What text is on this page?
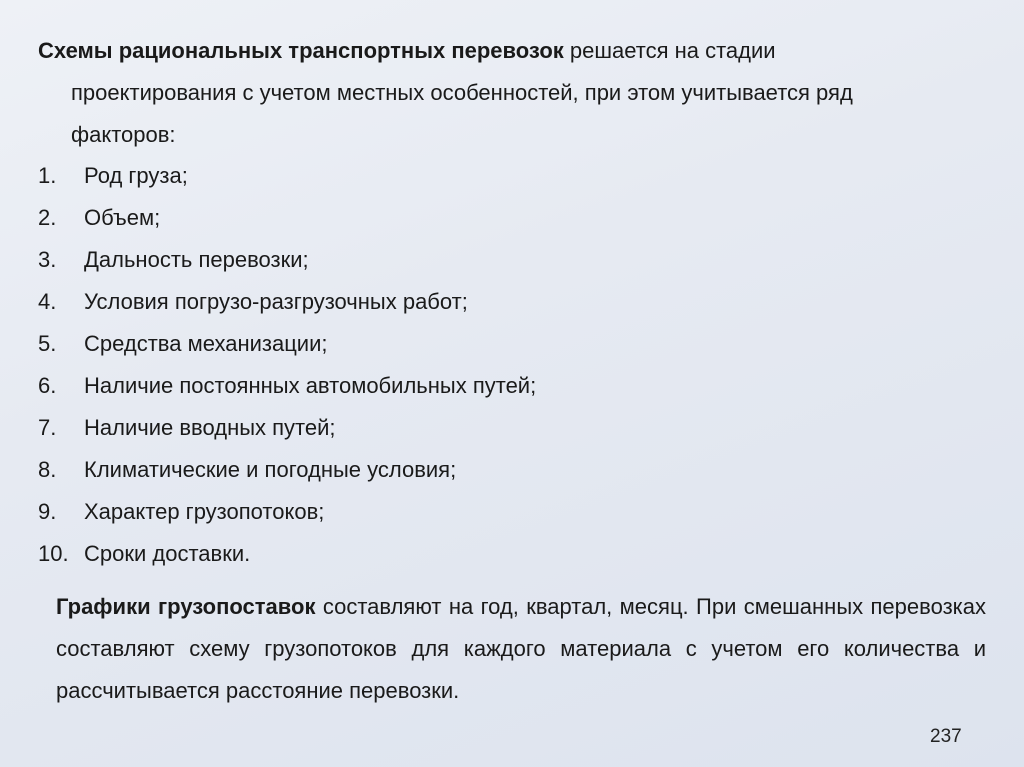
Схемы рациональных транспортных перевозок решается на стадии
проектирования с учетом местных особенностей, при этом учитывается ряд
факторов:
1.	Род груза;
2.	Объем;
3.	Дальность перевозки;
4.	Условия погрузо-разгрузочных работ;
5.	Средства механизации;
6.	Наличие постоянных автомобильных путей;
7.	Наличие вводных путей;
8.	Климатические и погодные условия;
9.	Характер грузопотоков;
10. Сроки доставки.
Графики грузопоставок составляют на год, квартал, месяц. При смешанных перевозках составляют схему грузопотоков для каждого материала с учетом его количества и рассчитывается расстояние перевозки.
237
